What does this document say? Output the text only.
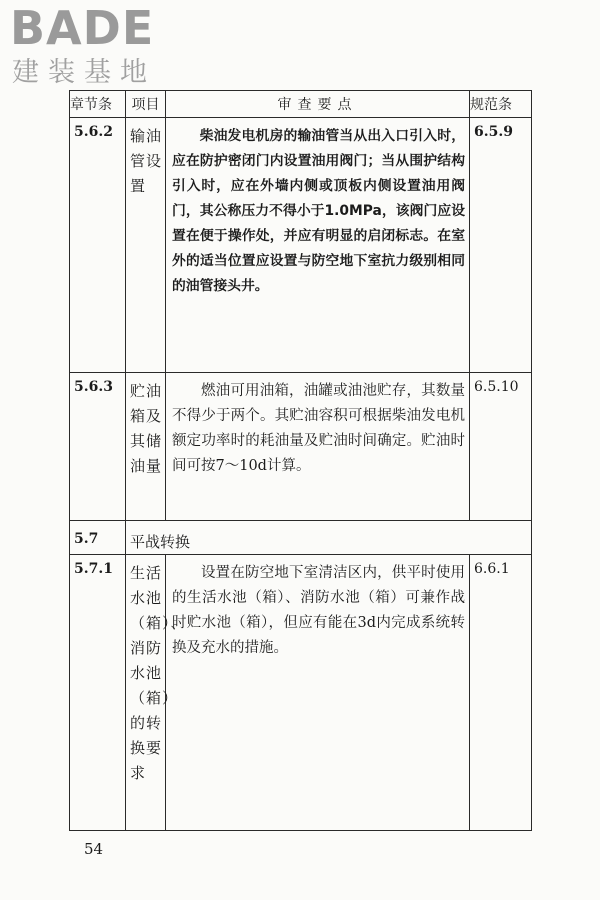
BADE
建装基地
章节条	项目	审查要点	规范条
5.6.2	输油管设置	柴油发电机房的输油管当从出入口引入时，应在防护密闭门内设置油用阀门；当从围护结构引入时，应在外墙内侧或顶板内侧设置油用阀门，其公称压力不得小于1.0MPa，该阀门应设置在便于操作处，并应有明显的启闭标志。在室外的适当位置应设置与防空地下室抗力级别相同的油管接头井。	6.5.9
5.6.3	贮油箱及其储油量	燃油可用油箱，油罐或油池贮存，其数量不得少于两个。其贮油容积可根据柴油发电机额定功率时的耗油量及贮油时间确定。贮油时间可按7～10d计算。	6.5.10
5.7	平战转换		
5.7.1	生活水池（箱）、消防水池（箱）的转换要求	设置在防空地下室清洁区内，供平时使用的生活水池（箱）、消防水池（箱）可兼作战时贮水池（箱），但应有能在3d内完成系统转换及充水的措施。	6.6.1
54
